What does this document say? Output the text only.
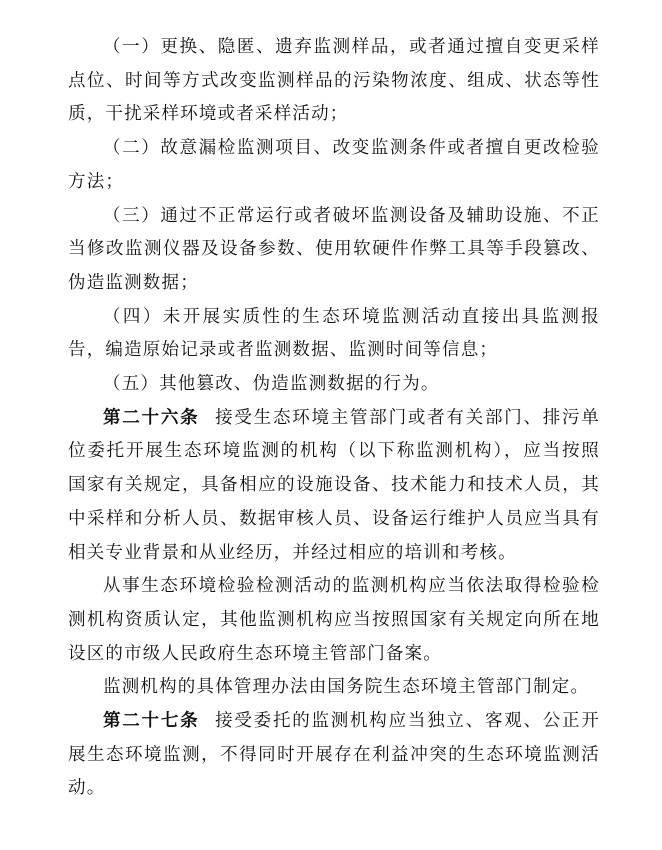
（一）更换、隐匿、遗弃监测样品，或者通过擅自变更采样点位、时间等方式改变监测样品的污染物浓度、组成、状态等性质，干扰采样环境或者采样活动；

（二）故意漏检监测项目、改变监测条件或者擅自更改检验方法；

（三）通过不正常运行或者破坏监测设备及辅助设施、不正当修改监测仪器及设备参数、使用软硬件作弊工具等手段篡改、伪造监测数据；

（四）未开展实质性的生态环境监测活动直接出具监测报告，编造原始记录或者监测数据、监测时间等信息；

（五）其他篡改、伪造监测数据的行为。

第二十六条 接受生态环境主管部门或者有关部门、排污单位委托开展生态环境监测的机构（以下称监测机构），应当按照国家有关规定，具备相应的设施设备、技术能力和技术人员，其中采样和分析人员、数据审核人员、设备运行维护人员应当具有相关专业背景和从业经历，并经过相应的培训和考核。

从事生态环境检验检测活动的监测机构应当依法取得检验检测机构资质认定，其他监测机构应当按照国家有关规定向所在地设区的市级人民政府生态环境主管部门备案。

监测机构的具体管理办法由国务院生态环境主管部门制定。

第二十七条 接受委托的监测机构应当独立、客观、公正开展生态环境监测，不得同时开展存在利益冲突的生态环境监测活动。
